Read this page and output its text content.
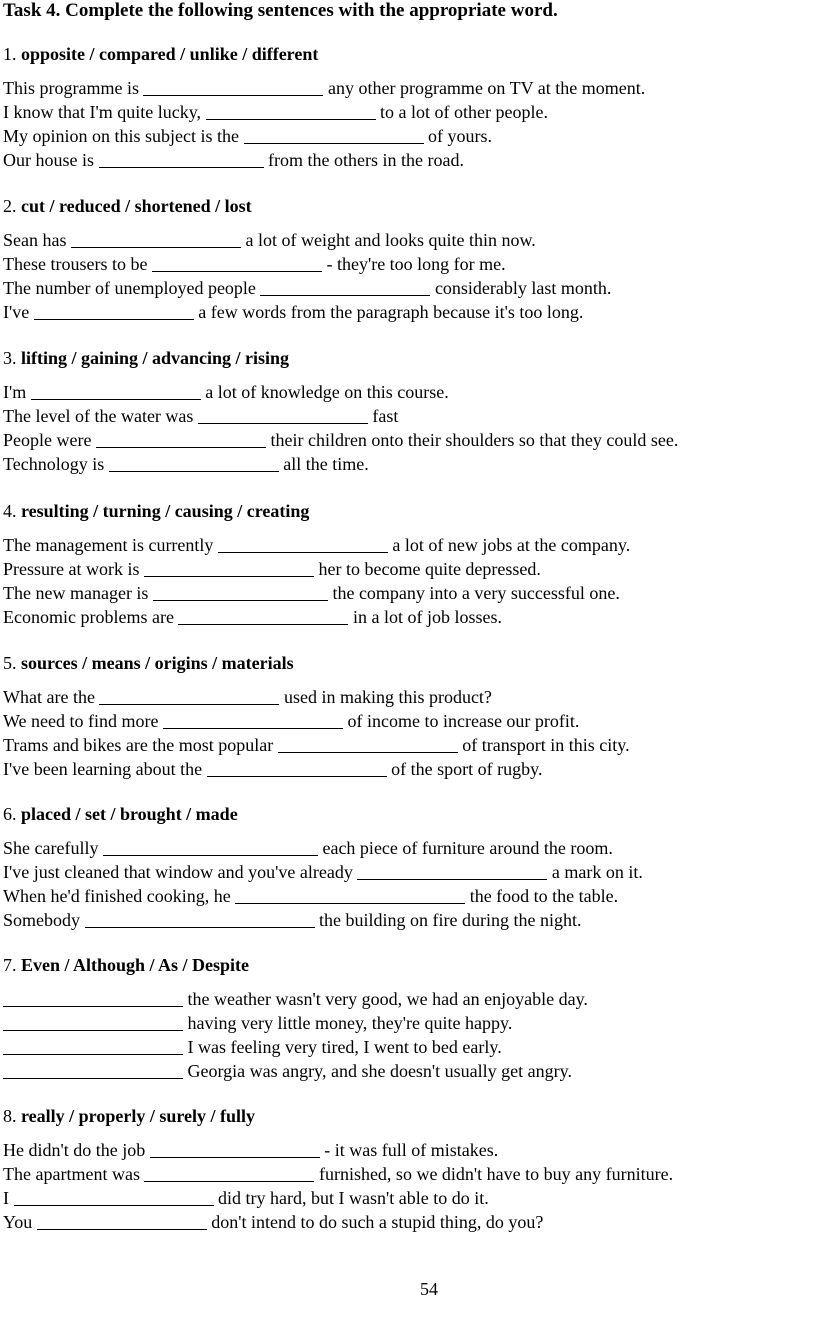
Task 4. Complete the following sentences with the appropriate word.
1. opposite / compared / unlike / different
This programme is	any other programme on TV at the moment.
I know that I'm quite lucky,	to a lot of other people.
My opinion on this subject is the	of yours.
Our house is	from the others in the road.
2. cut / reduced / shortened / lost
Sean has	a lot of weight and looks quite thin now.
These trousers to be	- they're too long for me.
The number of unemployed people	considerably last month.
I've	a few words from the paragraph because it's too long.
3. lifting / gaining / advancing / rising
I'm	a lot of knowledge on this course.
The level of the water was	fast
People were	their children onto their shoulders so that they could see.
Technology is	all the time.
4. resulting / turning / causing / creating
The management is currently	a lot of new jobs at the company.
Pressure at work is	her to become quite depressed.
The new manager is	the company into a very successful one.
Economic problems are	in a lot of job losses.
5. sources / means / origins / materials
What are the	used in making this product?
We need to find more	of income to increase our profit.
Trams and bikes are the most popular	of transport in this city.
I've been learning about the	of the sport of rugby.
6. placed / set / brought / made
She carefully	each piece of furniture around the room.
I've just cleaned that window and you've already	a mark on it.
When he'd finished cooking, he	the food to the table.
Somebody	the building on fire during the night.
7. Even / Although / As / Despite
the weather wasn't very good, we had an enjoyable day.
having very little money, they're quite happy.
I was feeling very tired, I went to bed early.
Georgia was angry, and she doesn't usually get angry.
8. really / properly / surely / fully
He didn't do the job	- it was full of mistakes.
The apartment was	furnished, so we didn't have to buy any furniture.
I	did try hard, but I wasn't able to do it.
You	don't intend to do such a stupid thing, do you?
54
